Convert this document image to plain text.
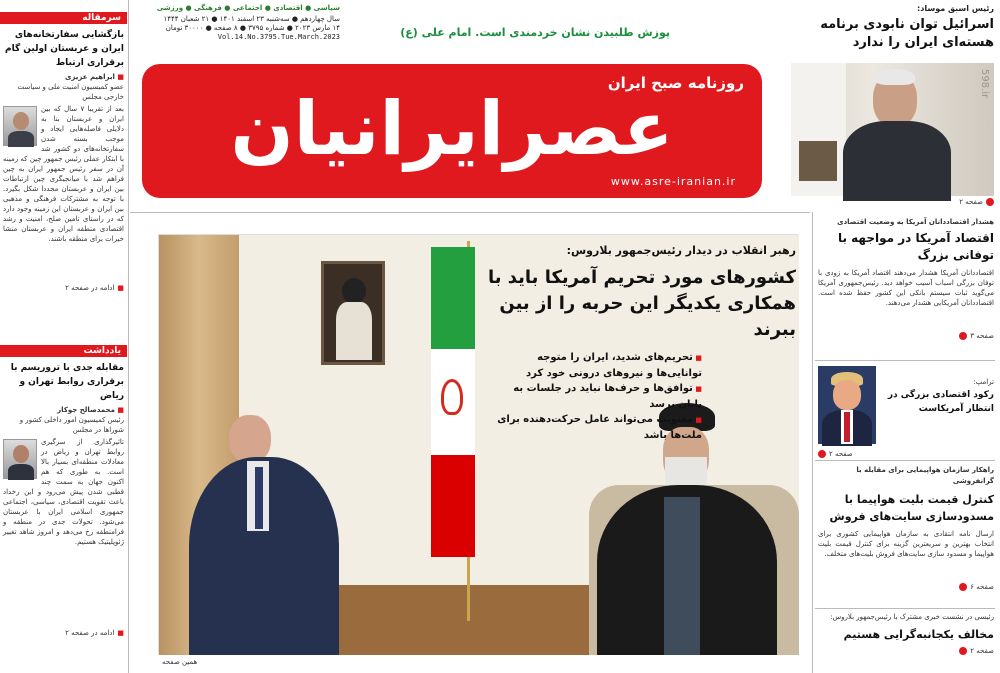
رئیس اسبق موساد:
اسرائیل توان نابودی برنامه هسته‌ای ایران را ندارد
598.ir
صفحه ۲
پوزش طلبیدن نشان خردمندی است. امام علی (ع)
سیاسی ● اقتصادی ● اجتماعی ● فرهنگی ● ورزشی
سال چهاردهم ● سه‌شنبه ۲۳ اسفند ۱۴۰۱ ● ۲۱ شعبان ۱۴۴۴
۱۴ مارس ۲۰۲۳ ● شماره ۳۷۹۵ ● ۸ صفحه ● ۳۰۰۰۰ تومان
Vol.14.No.3795.Tue.March.2023
روزنامه صبح ایران
عصرایرانیان
www.asre-iranian.ir
سرمقاله
بازگشایی سفارتخانه‌های ایران و عربستان اولین گام برقراری ارتباط
■ ابراهیم عزیزی
عضو کمیسیون امنیت ملی و سیاست خارجی مجلس
بعد از تقریبا ۷ سال که بین ایران و عربستان بنا به دلایلی فاصله‌هایی ایجاد و موجب بسته شدن سفارتخانه‌های دو کشور شد با ابتکار عملی رئیس جمهور چین که زمینه آن در سفر رئیس جمهور ایران به چین فراهم شد با میانجیگری چین ارتباطات بین ایران و عربستان مجددا شکل بگیرد. با توجه به مشترکات فرهنگی و مذهبی بین ایران و عربستان این زمینه وجود دارد که در راستای تامین صلح، امنیت و رشد اقتصادی منطقه ایران و عربستان منشا خیرات برای منطقه باشند.
■
ادامه در صفحه ۲
یادداشت
مقابله جدی با تروریسم با برقراری روابط تهران و ریاض
■ محمدصالح جوکار
رئیس کمیسیون امور داخلی کشور و شوراها در مجلس
تاثیرگذاری از سرگیری روابط تهران و ریاض در معادلات منطقه‌ای بسیار بالا است. به طوری که هم اکنون جهان به سمت چند قطبی شدن پیش می‌رود و این رخداد باعث تقویت اقتصادی، سیاسی، اجتماعی جمهوری اسلامی ایران با عربستان می‌شود. تحولات جدی در منطقه و فرامنطقه رخ می‌دهد و امروز شاهد تغییر ژئوپلیتیک هستیم.
■
ادامه در صفحه ۲
رهبر انقلاب در دیدار رئیس‌جمهور بلاروس:
کشورهای مورد تحریم آمریکا باید با
همکاری یکدیگر این حربه را از بین ببرند
■ تحریم‌های شدید، ایران را متوجه توانایی‌ها و نیروهای درونی خود کرد
■ توافق‌ها و حرف‌ها نباید در جلسات به پایان برسد
■ معنویت می‌تواند عامل حرکت‌دهنده برای ملت‌ها باشد
همین صفحه
هشدار اقتصاددانان آمریکا به وضعیت اقتصادی
اقتصاد آمریکا در مواجهه با توفانی بزرگ
اقتصاددانان آمریکا هشدار می‌دهند اقتصاد آمریکا به زودی با توفان بزرگی اسباب آسیب خواهد دید. رئیس‌جمهوری آمریکا می‌گوید ثبات سیستم بانکی این کشور حفظ شده است. اقتصاددانان آمریکایی هشدار می‌دهند.
صفحه ۳
ترامپ:
رکود اقتصادی بزرگی در انتظار آمریکاست
صفحه ۲
راهکار سازمان هواپیمایی برای مقابله با گرانفروشی
کنترل قیمت بلیت هواپیما با مسدودسازی سایت‌های فروش
ارسال نامه انتقادی به سازمان هواپیمایی کشوری برای انتخاب بهترین و سریعترین گزینه برای کنترل قیمت بلیت هواپیما و مسدود سازی سایت‌های فروش بلیت‌های متخلف.
صفحه ۶
رئیسی در نشست خبری مشترک با رئیس‌جمهور بلاروس:
مخالف یکجانبه‌گرایی هستیم
صفحه ۲
